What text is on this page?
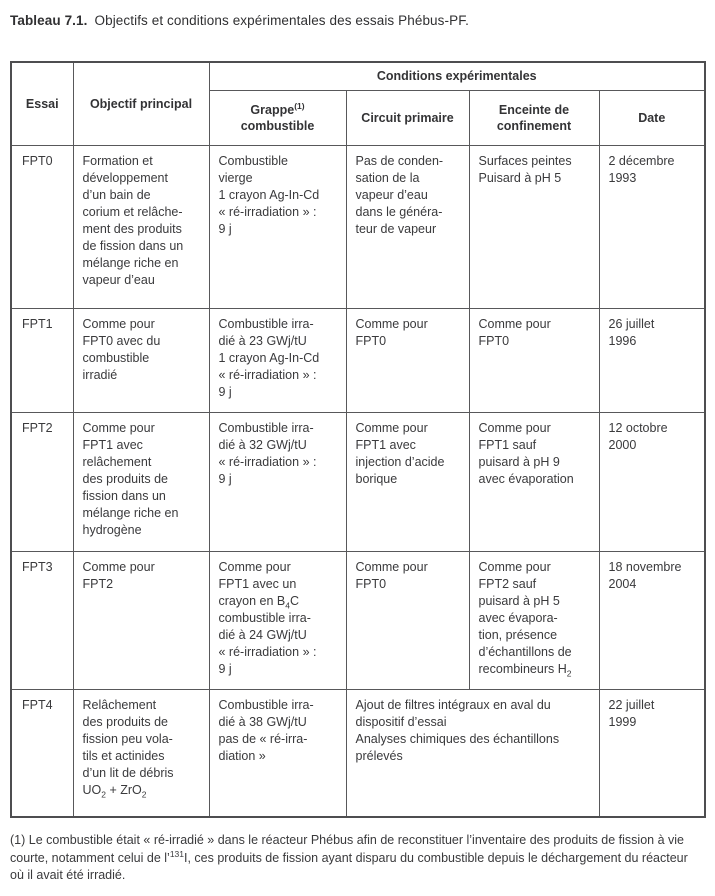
Tableau 7.1. Objectifs et conditions expérimentales des essais Phébus-PF.
Essai	Objectif principal	Conditions expérimentales			
		Grappe$^{(1)}$
combustible	Circuit primaire	Enceinte de
confinement	Date
FPT0	Formation et
développement
d’un bain de
corium et relâche-
ment des produits
de fission dans un
mélange riche en
vapeur d’eau	Combustible
vierge
1 crayon Ag-In-Cd
« ré-irradiation » :
9 j	Pas de conden-
sation de la
vapeur d’eau
dans le généra-
teur de vapeur	Surfaces peintes
Puisard à pH 5	2 décembre
1993
FPT1	Comme pour
FPT0 avec du
combustible
irradié	Combustible irra-
dié à 23 GWj/tU
1 crayon Ag-In-Cd
« ré-irradiation » :
9 j	Comme pour
FPT0	Comme pour
FPT0	26 juillet
1996
FPT2	Comme pour
FPT1 avec
relâchement
des produits de
fission dans un
mélange riche en
hydrogène	Combustible irra-
dié à 32 GWj/tU
« ré-irradiation » :
9 j	Comme pour
FPT1 avec
injection d’acide
borique	Comme pour
FPT1 sauf
puisard à pH 9
avec évaporation	12 octobre
2000
FPT3	Comme pour
FPT2	Comme pour
FPT1 avec un
crayon en $B_4C$
combustible irra-
dié à 24 GWj/tU
« ré-irradiation » :
9 j	Comme pour
FPT0	Comme pour
FPT2 sauf
puisard à pH 5
avec évapora-
tion, présence
d’échantillons de
recombineurs $H_2$	18 novembre
2004
FPT4	Relâchement
des produits de
fission peu vola-
tils et actinides
d’un lit de débris
$UO_2 + ZrO_2$	Combustible irra-
dié à 38 GWj/tU
pas de « ré-irra-
diation »	Ajout de filtres intégraux en aval du
dispositif d’essai
Analyses chimiques des échantillons
prélevés	22 juillet
1999
(1) Le combustible était « ré-irradié » dans le réacteur Phébus afin de reconstituer l’inventaire des produits de fission à vie courte, notamment celui de l’$^{131}$I, ces produits de fission ayant disparu du combustible depuis le déchargement du réacteur où il avait été irradié.
